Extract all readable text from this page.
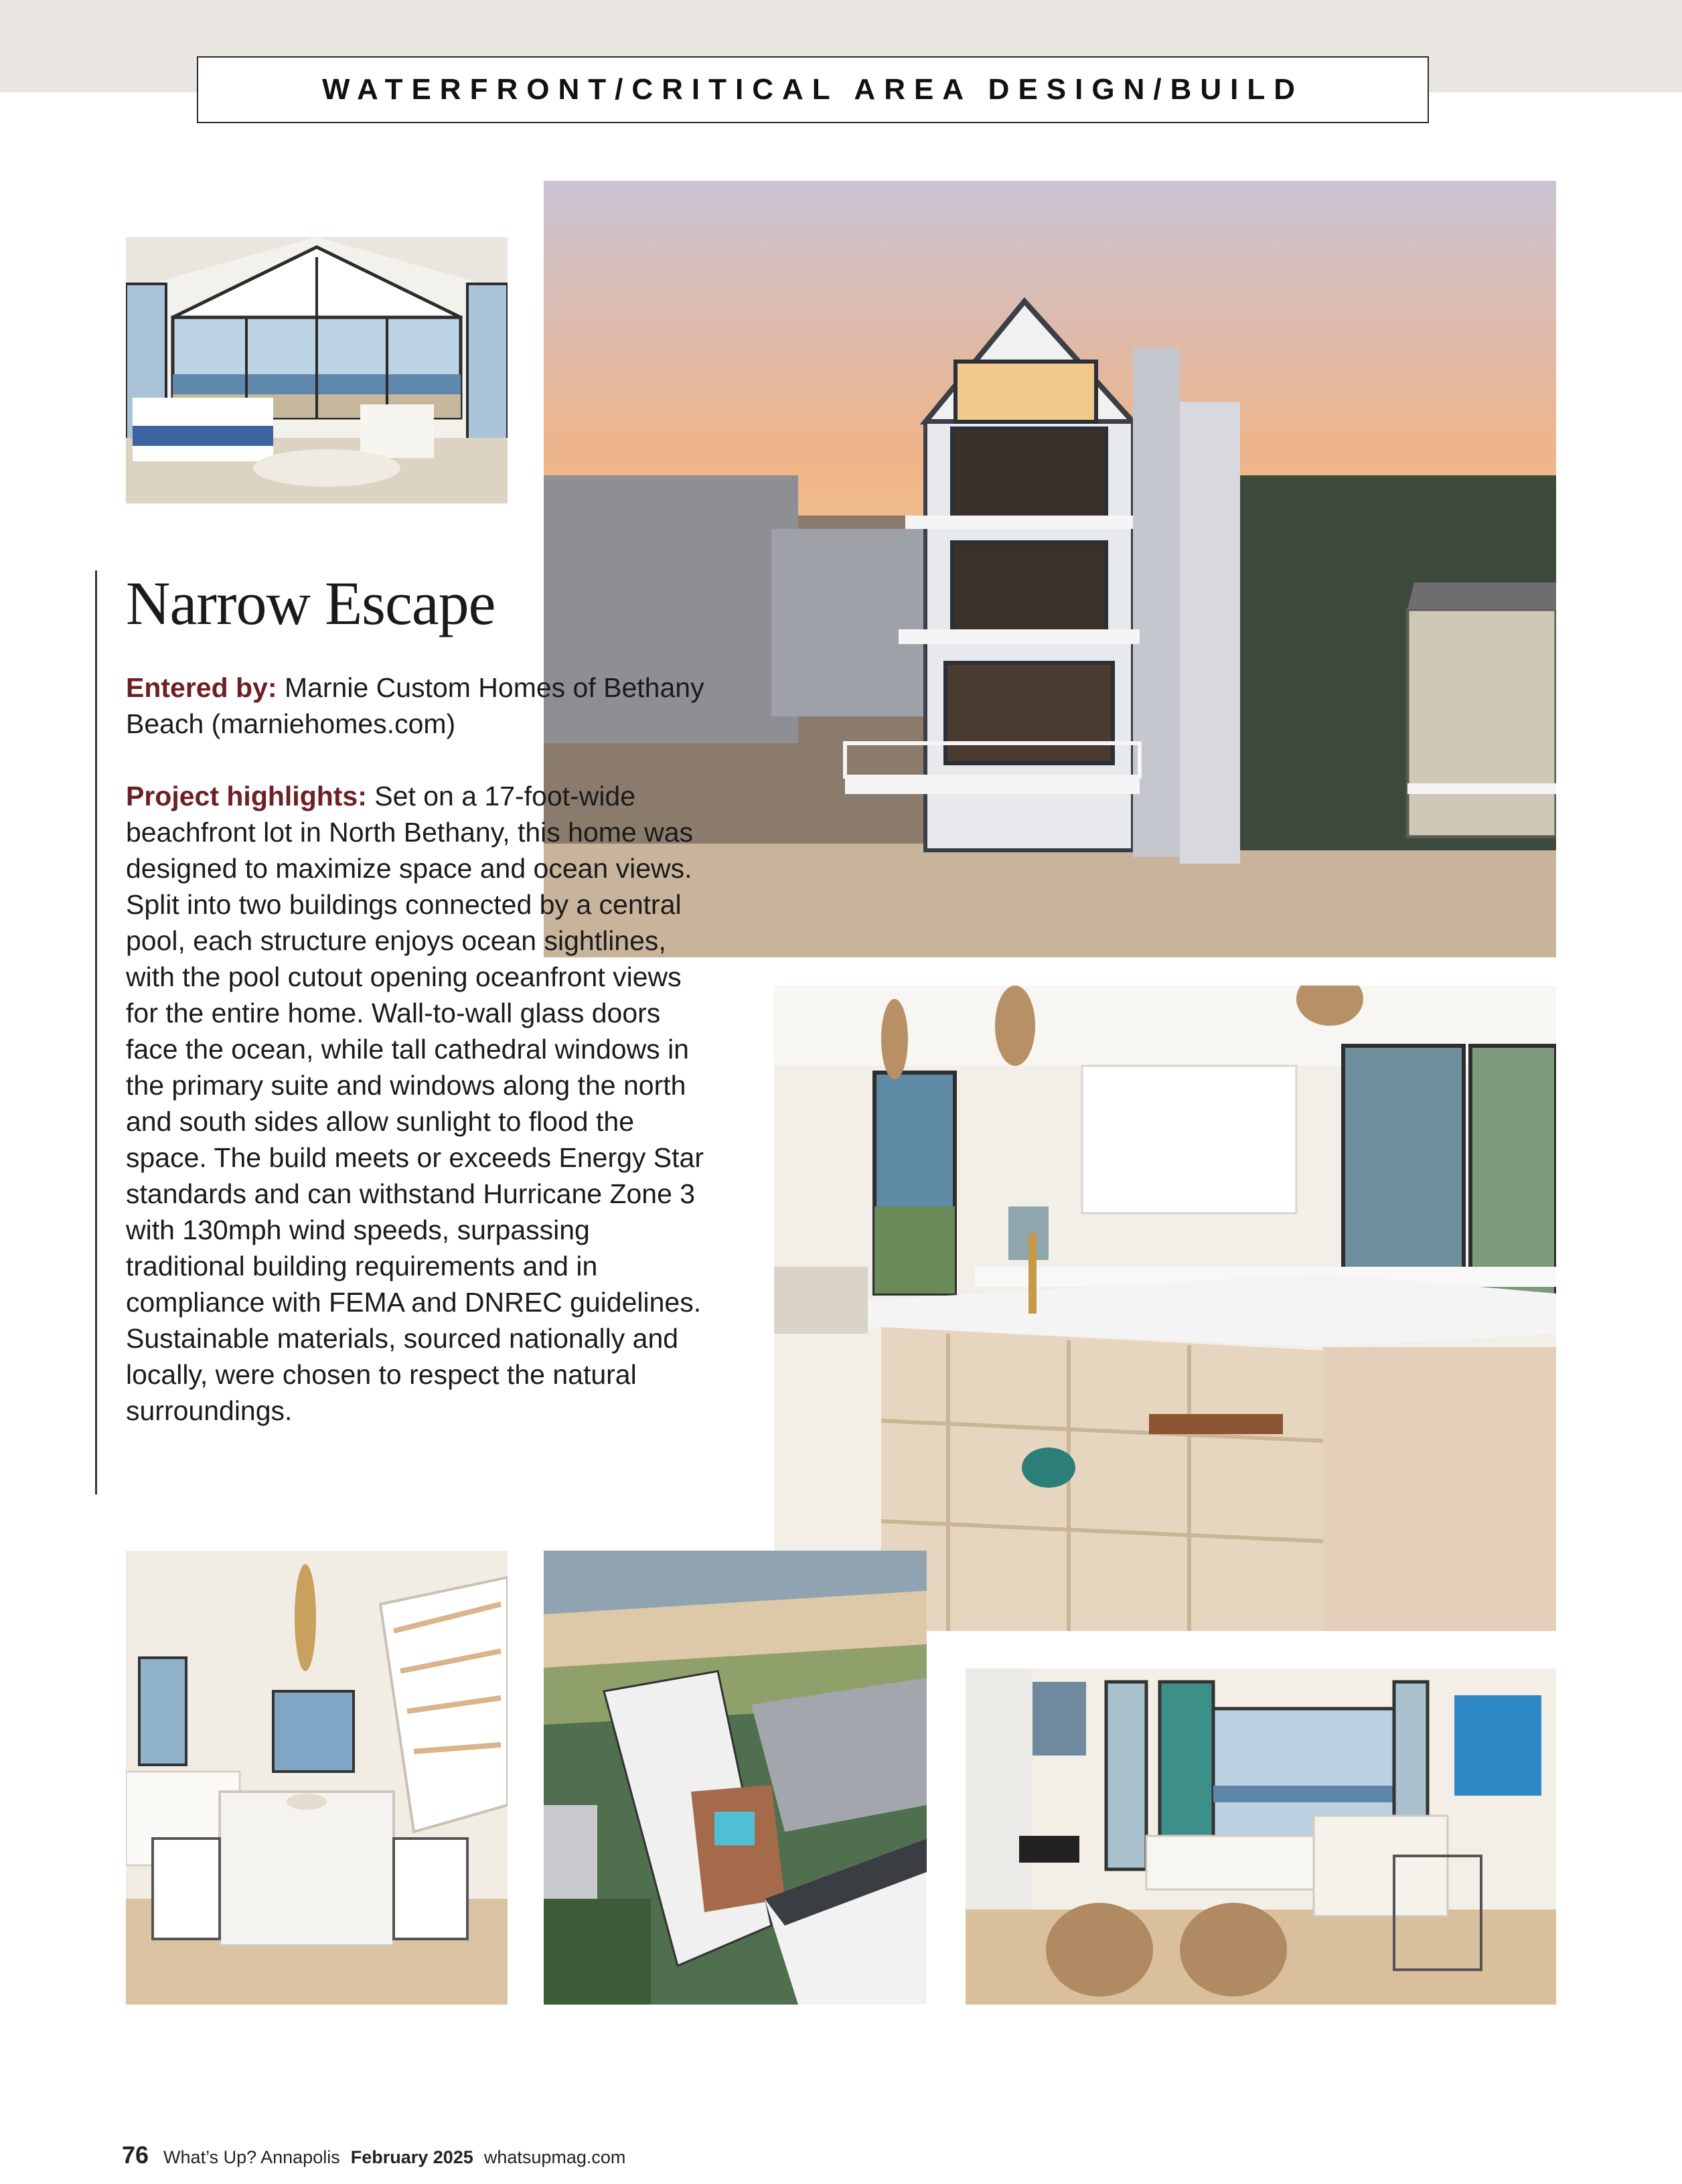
WATERFRONT/CRITICAL AREA DESIGN/BUILD
Narrow Escape

Entered by: Marnie Custom Homes of Bethany Beach (marniehomes.com)

Project highlights: Set on a 17-foot-wide beachfront lot in North Bethany, this home was designed to maximize space and ocean views. Split into two buildings connected by a central pool, each structure enjoys ocean sightlines, with the pool cutout opening oceanfront views for the entire home. Wall-to-wall glass doors face the ocean, while tall cathedral windows in the primary suite and windows along the north and south sides allow sunlight to flood the space. The build meets or exceeds Energy Star standards and can withstand Hurricane Zone 3 with 130mph wind speeds, surpassing traditional building requirements and in compliance with FEMA and DNREC guidelines. Sustainable materials, sourced nationally and locally, were chosen to respect the natural surroundings.

76 What’s Up? Annapolis February 2025 whatsupmag.com
